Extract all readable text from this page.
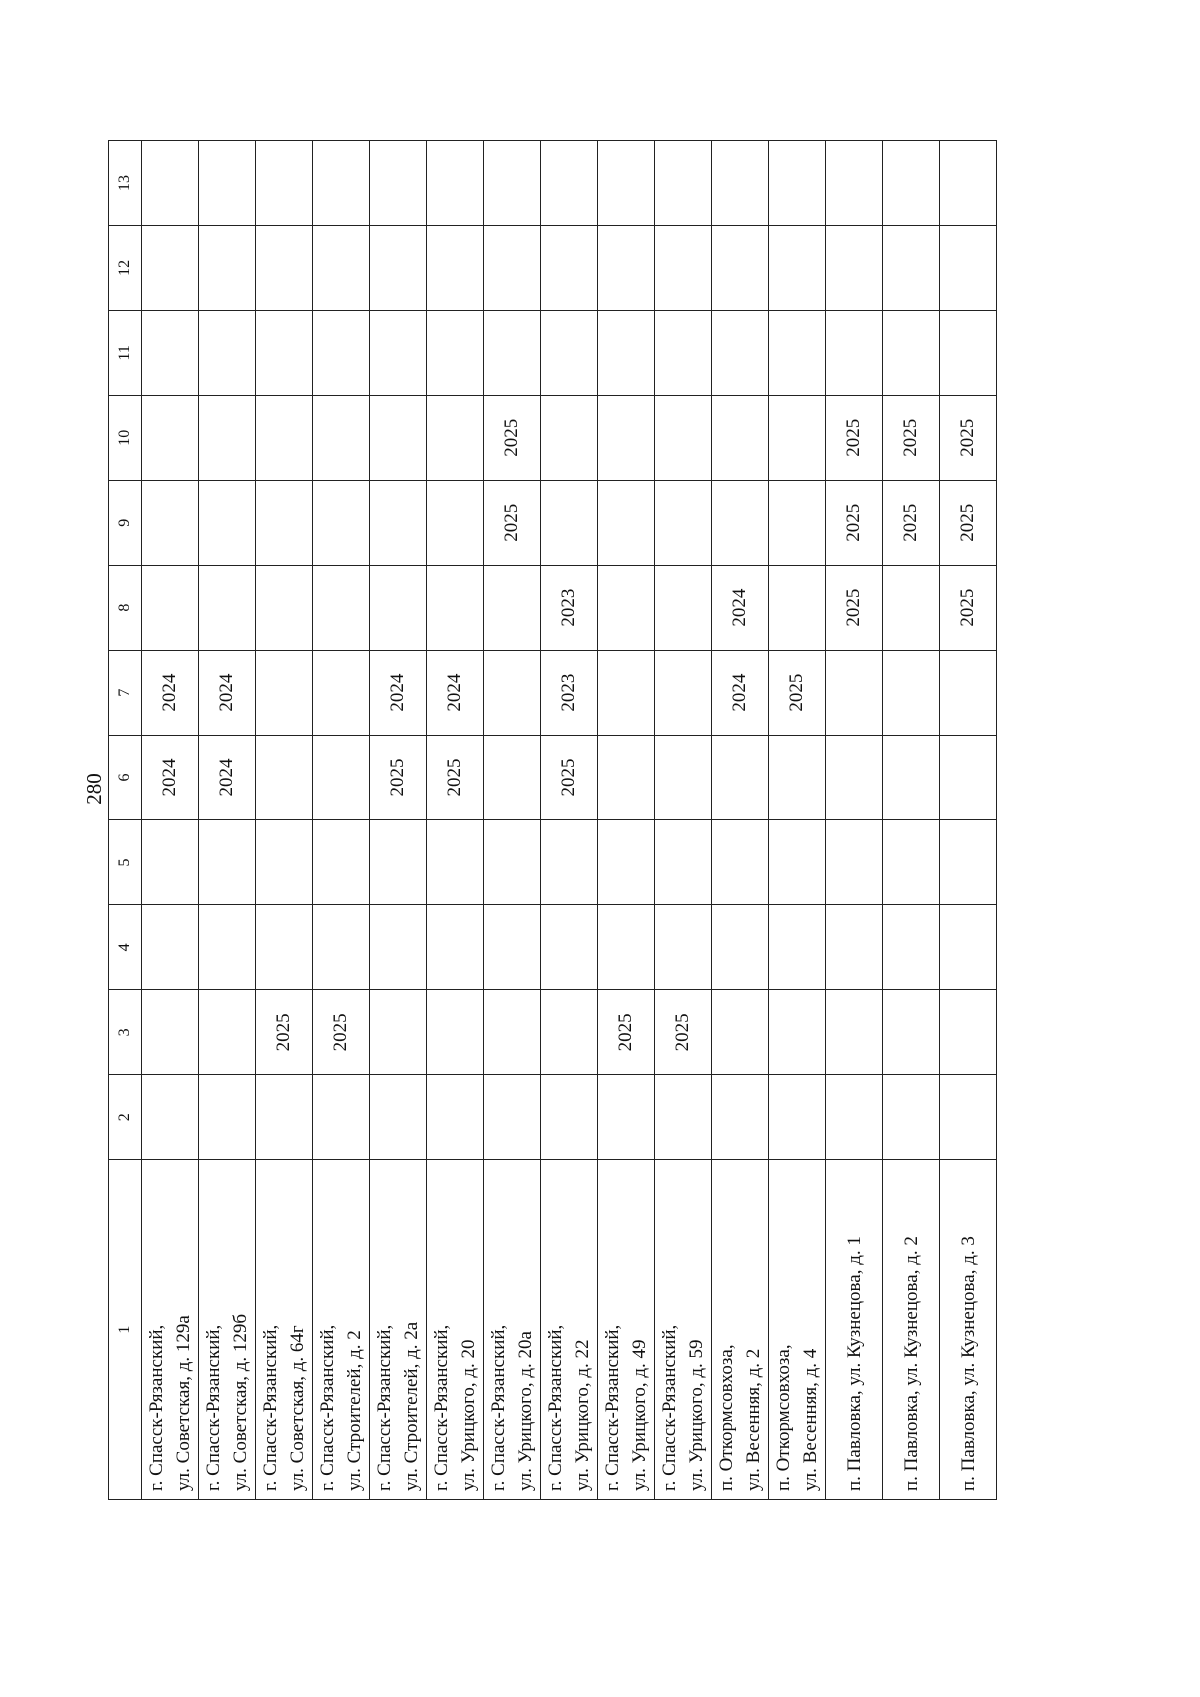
280
1	2	3	4	5	6	7	8	9	10	11	12	13

г. Спасск-Рязанский, ул. Советская, д. 129а					2024	2024						

г. Спасск-Рязанский, ул. Советская, д. 129б					2024	2024						

г. Спасск-Рязанский, ул. Советская, д. 64г		2025										

г. Спасск-Рязанский, ул. Строителей, д. 2		2025										

г. Спасск-Рязанский, ул. Строителей, д. 2а					2025	2024						

г. Спасск-Рязанский, ул. Урицкого, д. 20					2025	2024						

г. Спасск-Рязанский, ул. Урицкого, д. 20а								2025	2025			

г. Спасск-Рязанский, ул. Урицкого, д. 22					2025	2023	2023					

г. Спасск-Рязанский, ул. Урицкого, д. 49		2025										

г. Спасск-Рязанский, ул. Урицкого, д. 59		2025										

п. Откормсовхоза, ул. Весенняя, д. 2						2024	2024					

п. Откормсовхоза, ул. Весенняя, д. 4						2025						

п. Павловка, ул. Кузнецова, д. 1							2025	2025	2025			

п. Павловка, ул. Кузнецова, д. 2								2025	2025			

п. Павловка, ул. Кузнецова, д. 3							2025	2025	2025			
